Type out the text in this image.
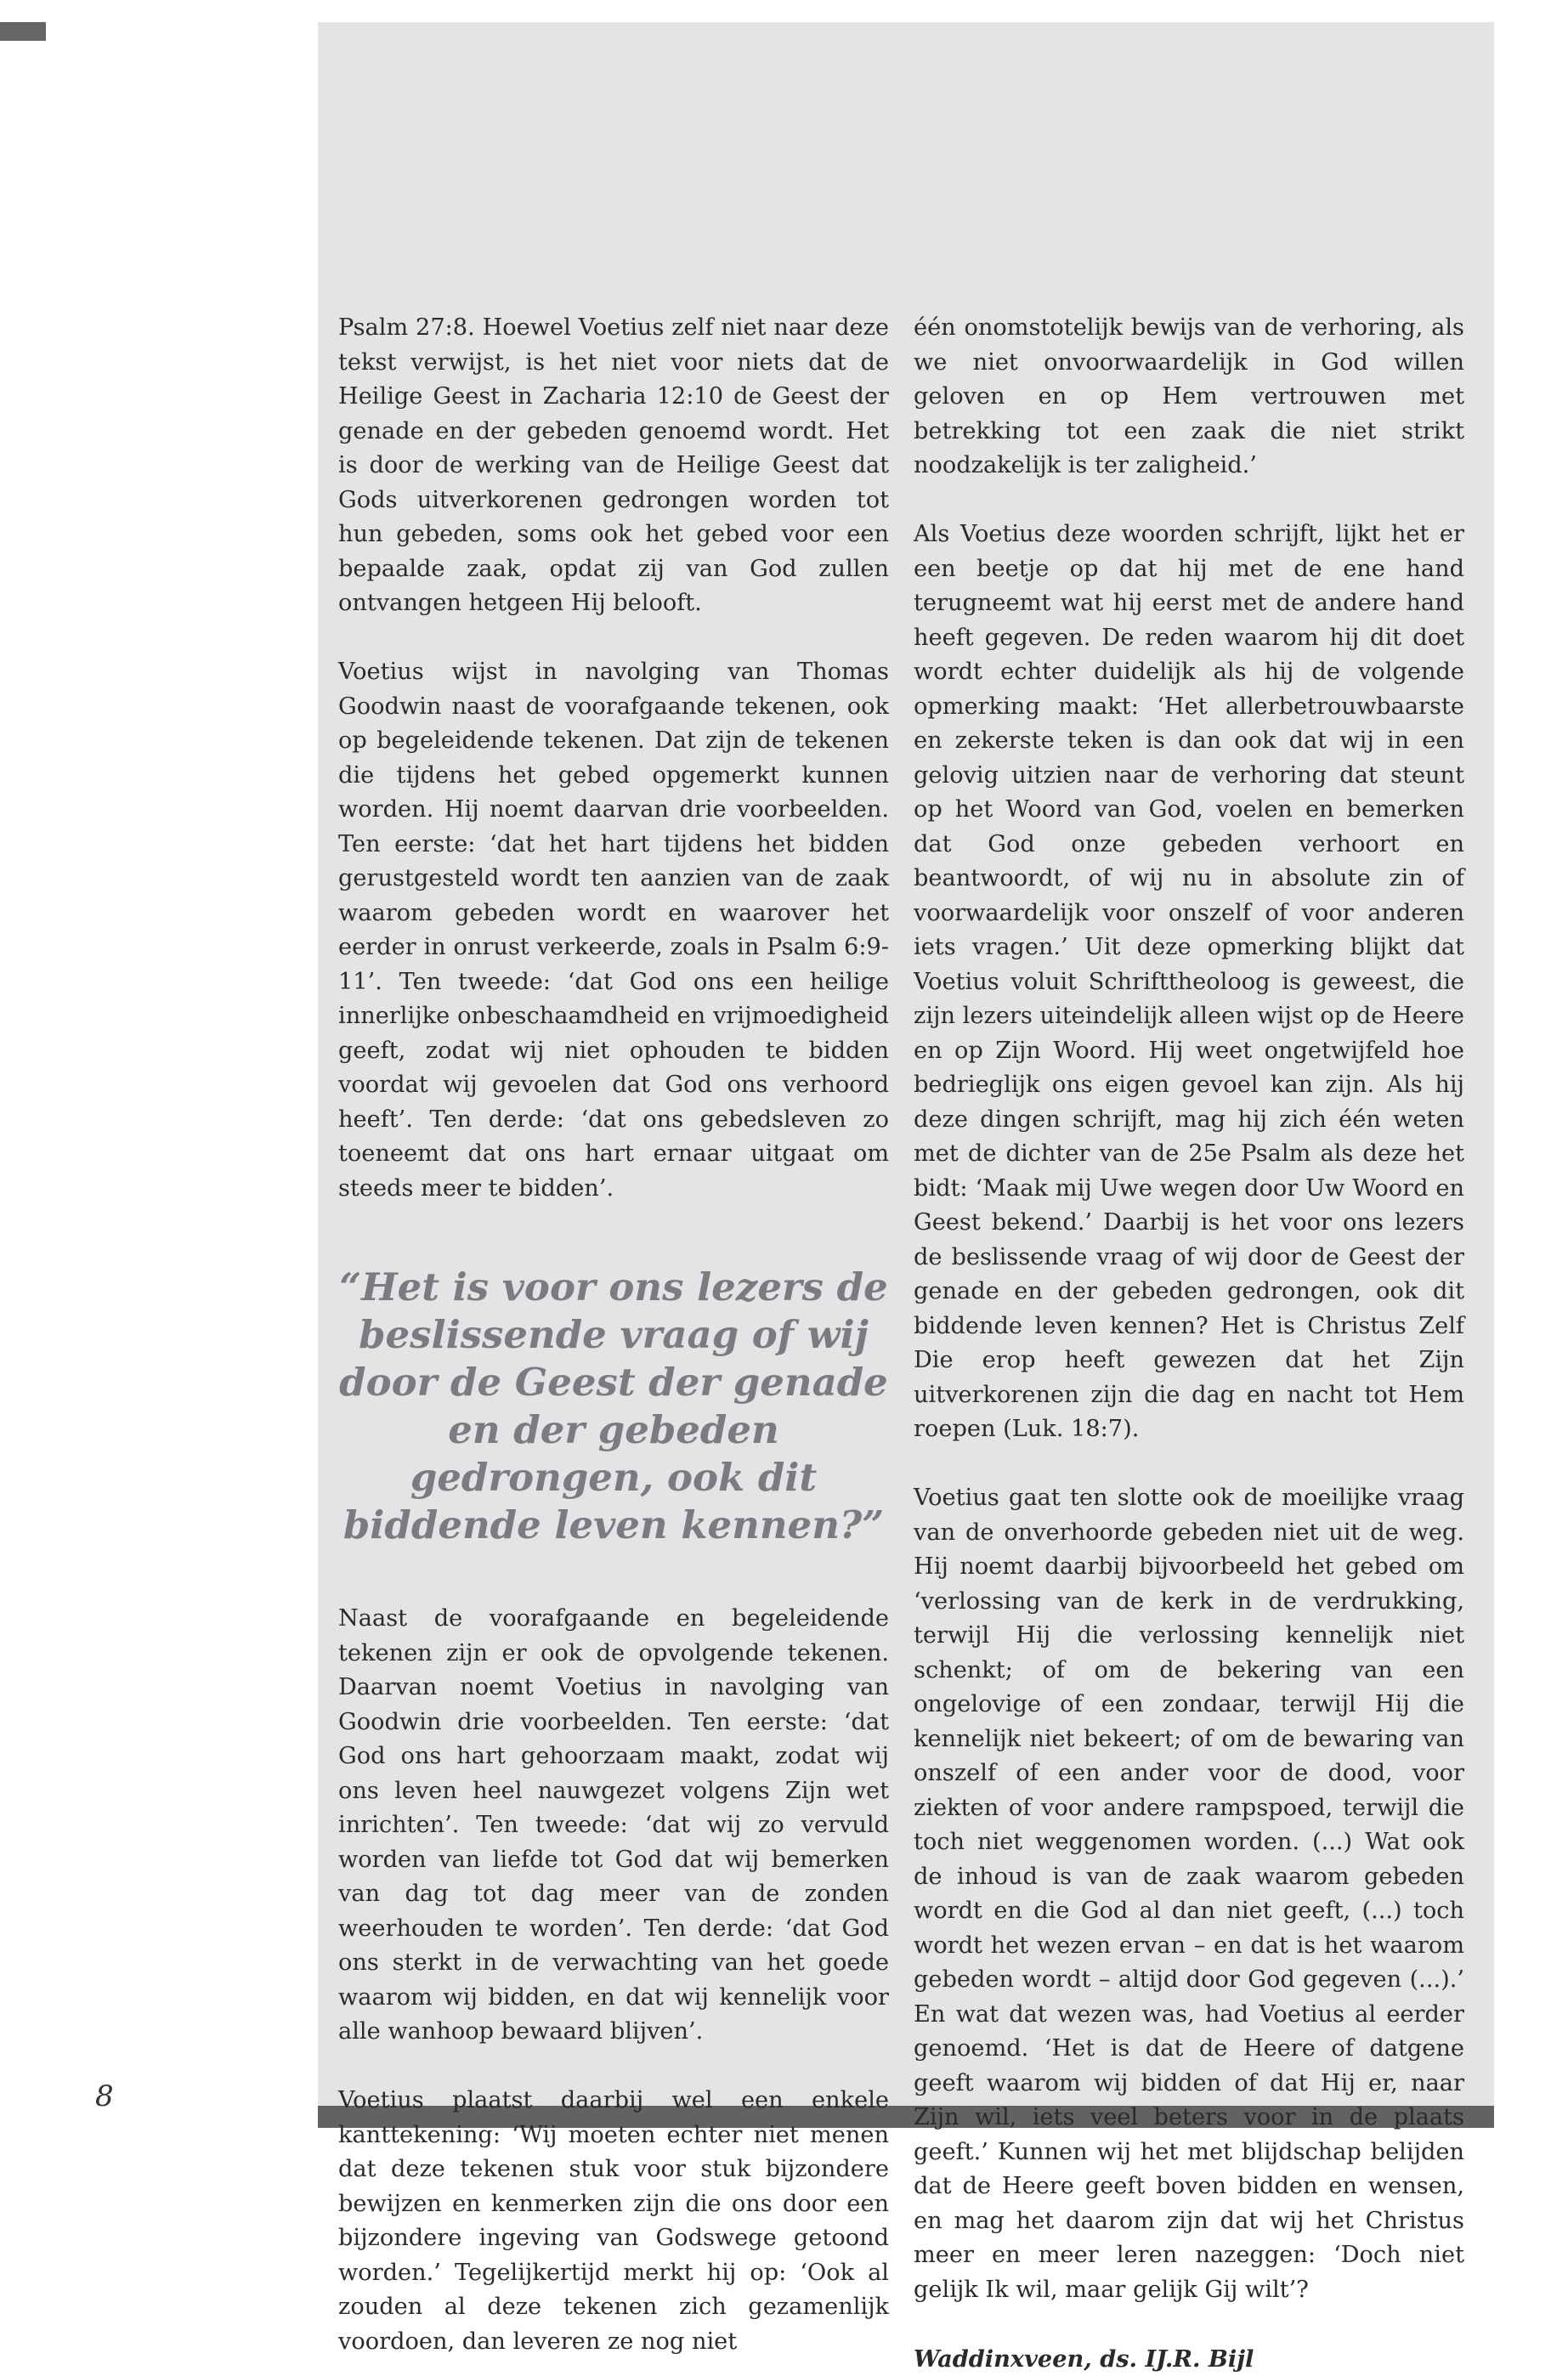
Psalm 27:8. Hoewel Voetius zelf niet naar deze tekst verwijst, is het niet voor niets dat de Heilige Geest in Zacharia 12:10 de Geest der genade en der gebeden genoemd wordt. Het is door de werking van de Heilige Geest dat Gods uitverkorenen gedrongen worden tot hun gebeden, soms ook het gebed voor een bepaalde zaak, opdat zij van God zullen ontvangen hetgeen Hij belooft.

Voetius wijst in navolging van Thomas Goodwin naast de voorafgaande tekenen, ook op begeleidende tekenen. Dat zijn de tekenen die tijdens het gebed opgemerkt kunnen worden. Hij noemt daarvan drie voorbeelden. Ten eerste: ‘dat het hart tijdens het bidden gerustgesteld wordt ten aanzien van de zaak waarom gebeden wordt en waarover het eerder in onrust verkeerde, zoals in Psalm 6:9-11’. Ten tweede: ‘dat God ons een heilige innerlijke onbeschaamdheid en vrijmoedigheid geeft, zodat wij niet ophouden te bidden voordat wij gevoelen dat God ons verhoord heeft’. Ten derde: ‘dat ons gebedsleven zo toeneemt dat ons hart ernaar uitgaat om steeds meer te bidden’.

“Het is voor ons lezers de beslissende vraag of wij door de Geest der genade en der gebeden gedrongen, ook dit biddende leven kennen?”

Naast de voorafgaande en begeleidende tekenen zijn er ook de opvolgende tekenen. Daarvan noemt Voetius in navolging van Goodwin drie voorbeelden. Ten eerste: ‘dat God ons hart gehoorzaam maakt, zodat wij ons leven heel nauwgezet volgens Zijn wet inrichten’. Ten tweede: ‘dat wij zo vervuld worden van liefde tot God dat wij bemerken van dag tot dag meer van de zonden weerhouden te worden’. Ten derde: ‘dat God ons sterkt in de verwachting van het goede waarom wij bidden, en dat wij kennelijk voor alle wanhoop bewaard blijven’.

Voetius plaatst daarbij wel een enkele kanttekening: ‘Wij moeten echter niet menen dat deze tekenen stuk voor stuk bijzondere bewijzen en kenmerken zijn die ons door een bijzondere ingeving van Godswege getoond worden.’ Tegelijkertijd merkt hij op: ‘Ook al zouden al deze tekenen zich gezamenlijk voordoen, dan leveren ze nog niet

één onomstotelijk bewijs van de verhoring, als we niet onvoorwaardelijk in God willen geloven en op Hem vertrouwen met betrekking tot een zaak die niet strikt noodzakelijk is ter zaligheid.’

Als Voetius deze woorden schrijft, lijkt het er een beetje op dat hij met de ene hand terugneemt wat hij eerst met de andere hand heeft gegeven. De reden waarom hij dit doet wordt echter duidelijk als hij de volgende opmerking maakt: ‘Het allerbetrouwbaarste en zekerste teken is dan ook dat wij in een gelovig uitzien naar de verhoring dat steunt op het Woord van God, voelen en bemerken dat God onze gebeden verhoort en beantwoordt, of wij nu in absolute zin of voorwaardelijk voor onszelf of voor anderen iets vragen.’ Uit deze opmerking blijkt dat Voetius voluit Schrifttheoloog is geweest, die zijn lezers uiteindelijk alleen wijst op de Heere en op Zijn Woord. Hij weet ongetwijfeld hoe bedrieglijk ons eigen gevoel kan zijn. Als hij deze dingen schrijft, mag hij zich één weten met de dichter van de 25e Psalm als deze het bidt: ‘Maak mij Uwe wegen door Uw Woord en Geest bekend.’ Daarbij is het voor ons lezers de beslissende vraag of wij door de Geest der genade en der gebeden gedrongen, ook dit biddende leven kennen? Het is Christus Zelf Die erop heeft gewezen dat het Zijn uitverkorenen zijn die dag en nacht tot Hem roepen (Luk. 18:7).

Voetius gaat ten slotte ook de moeilijke vraag van de onverhoorde gebeden niet uit de weg. Hij noemt daarbij bijvoorbeeld het gebed om ‘verlossing van de kerk in de verdrukking, terwijl Hij die verlossing kennelijk niet schenkt; of om de bekering van een ongelovige of een zondaar, terwijl Hij die kennelijk niet bekeert; of om de bewaring van onszelf of een ander voor de dood, voor ziekten of voor andere rampspoed, terwijl die toch niet weggenomen worden. (...) Wat ook de inhoud is van de zaak waarom gebeden wordt en die God al dan niet geeft, (...) toch wordt het wezen ervan – en dat is het waarom gebeden wordt – altijd door God gegeven (...).’ En wat dat wezen was, had Voetius al eerder genoemd. ‘Het is dat de Heere of datgene geeft waarom wij bidden of dat Hij er, naar Zijn wil, iets veel beters voor in de plaats geeft.’ Kunnen wij het met blijdschap belijden dat de Heere geeft boven bidden en wensen, en mag het daarom zijn dat wij het Christus meer en meer leren nazeggen: ‘Doch niet gelijk Ik wil, maar gelijk Gij wilt’?

Waddinxveen, ds. IJ.R. Bijl

8
